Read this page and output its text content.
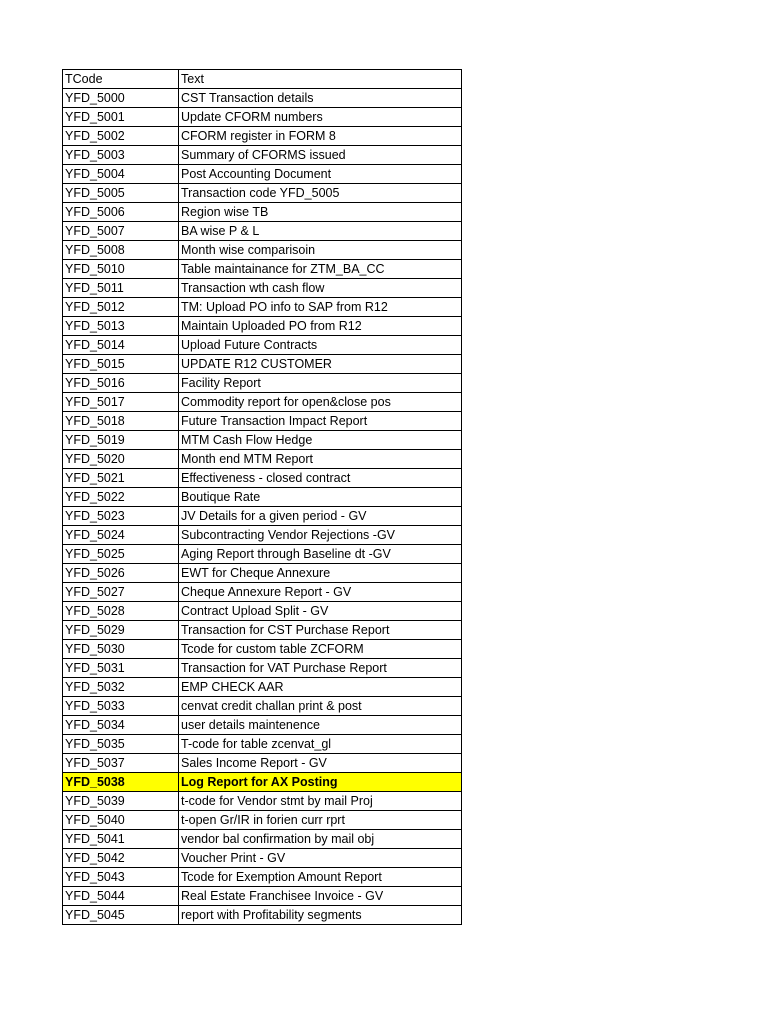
TCode	Text
YFD_5000	CST Transaction details
YFD_5001	Update CFORM numbers
YFD_5002	CFORM register in FORM 8
YFD_5003	Summary of CFORMS issued
YFD_5004	Post Accounting Document
YFD_5005	Transaction code YFD_5005
YFD_5006	Region wise TB
YFD_5007	BA wise P & L
YFD_5008	Month wise comparisoin
YFD_5010	Table maintainance for ZTM_BA_CC
YFD_5011	Transaction wth cash flow
YFD_5012	TM: Upload PO info to SAP from R12
YFD_5013	Maintain Uploaded PO from R12
YFD_5014	Upload Future Contracts
YFD_5015	UPDATE R12 CUSTOMER
YFD_5016	Facility Report
YFD_5017	Commodity report for open&close pos
YFD_5018	Future Transaction Impact Report
YFD_5019	MTM Cash Flow Hedge
YFD_5020	Month end MTM Report
YFD_5021	Effectiveness - closed contract
YFD_5022	Boutique Rate
YFD_5023	JV Details for a given period - GV
YFD_5024	Subcontracting Vendor Rejections -GV
YFD_5025	Aging Report through Baseline dt -GV
YFD_5026	EWT for Cheque Annexure
YFD_5027	Cheque Annexure Report - GV
YFD_5028	Contract Upload Split - GV
YFD_5029	Transaction for CST Purchase Report
YFD_5030	Tcode for custom table ZCFORM
YFD_5031	Transaction for VAT Purchase Report
YFD_5032	EMP CHECK AAR
YFD_5033	cenvat credit challan print & post
YFD_5034	user details maintenence
YFD_5035	T-code for table zcenvat_gl
YFD_5037	Sales Income Report - GV
YFD_5038	Log Report for AX Posting
YFD_5039	t-code for Vendor stmt by mail Proj
YFD_5040	t-open Gr/IR in forien curr rprt
YFD_5041	vendor bal confirmation by mail obj
YFD_5042	Voucher Print - GV
YFD_5043	Tcode for Exemption Amount Report
YFD_5044	Real Estate Franchisee Invoice - GV
YFD_5045	report with Profitability segments
